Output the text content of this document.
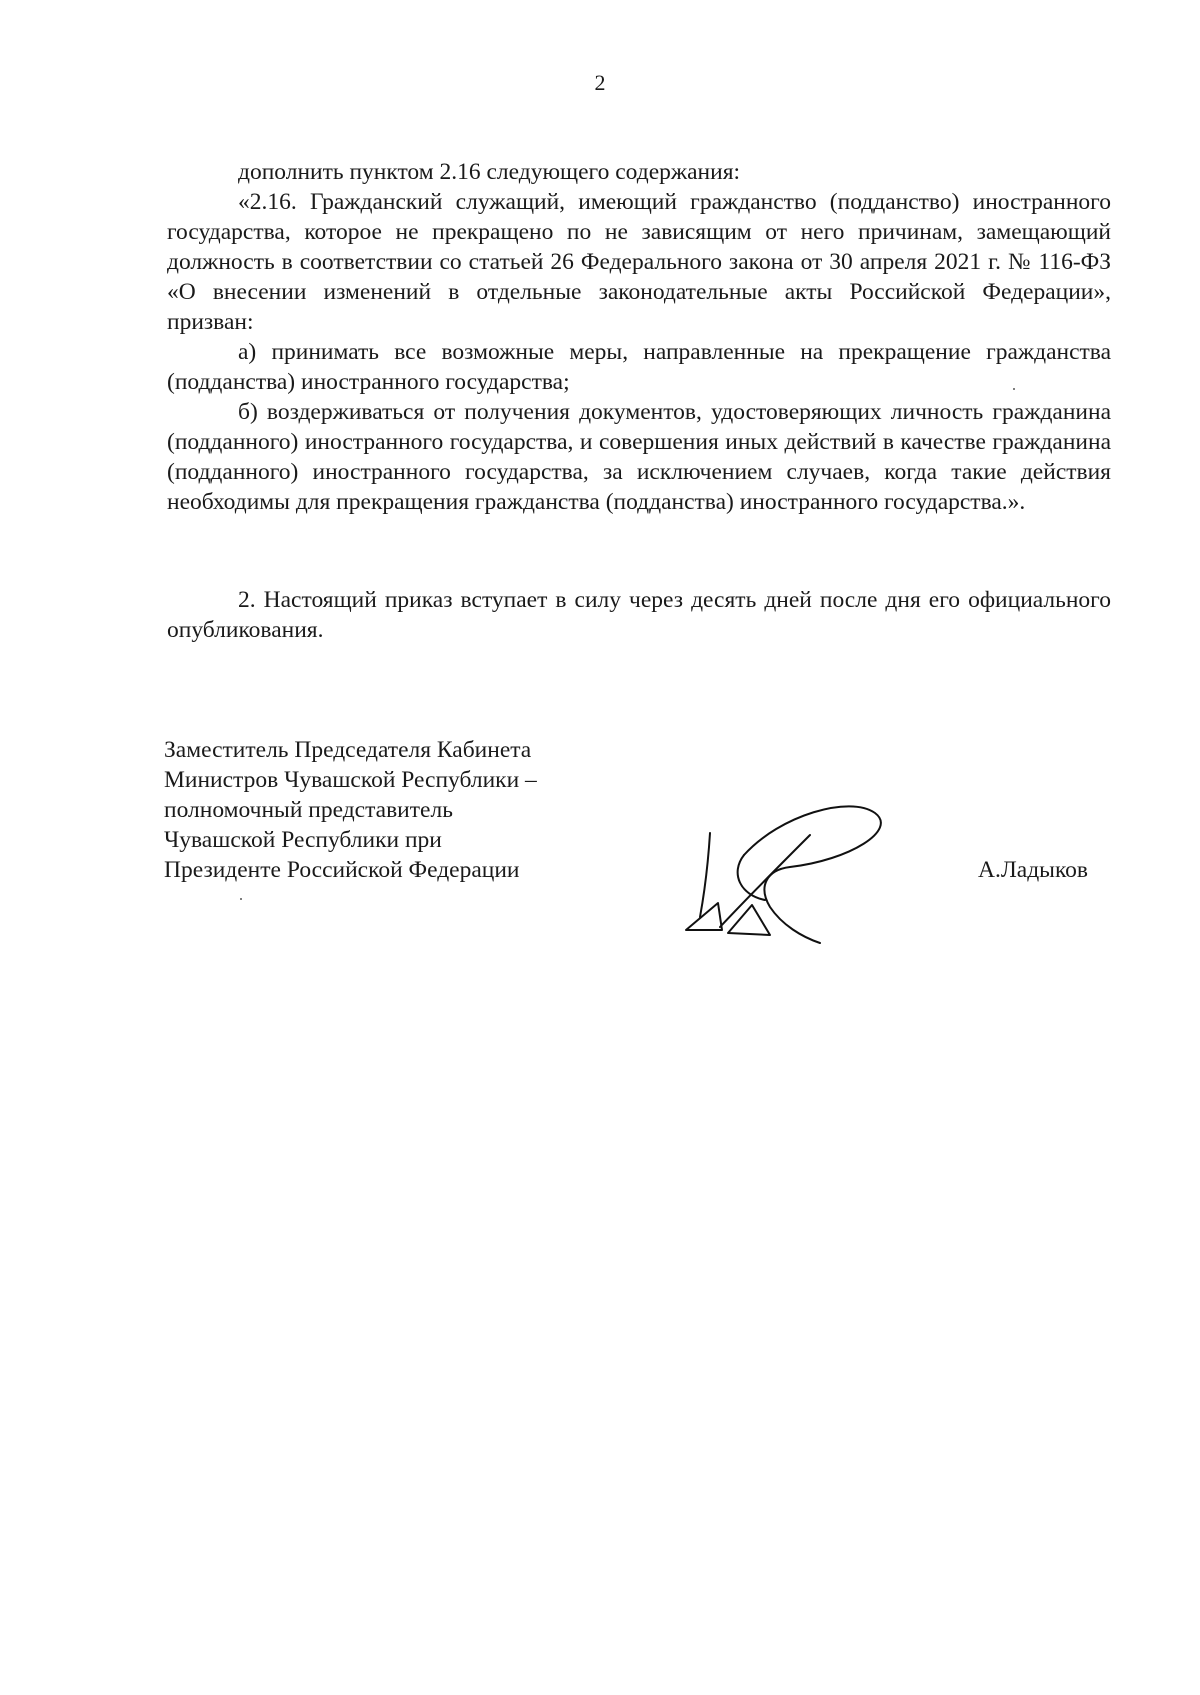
2

дополнить пунктом 2.16 следующего содержания:

«2.16. Гражданский служащий, имеющий гражданство (подданство) иностранного государства, которое не прекращено по не зависящим от него причинам, замещающий должность в соответствии со статьей 26 Федерального закона от 30 апреля 2021 г. № 116-ФЗ «О внесении изменений в отдельные законодательные акты Российской Федерации», призван:

а) принимать все возможные меры, направленные на прекращение гражданства (подданства) иностранного государства;

б) воздерживаться от получения документов, удостоверяющих личность гражданина (подданного) иностранного государства, и совершения иных действий в качестве гражданина (подданного) иностранного государства, за исключением случаев, когда такие действия необходимы для прекращения гражданства (подданства) иностранного государства.».

2. Настоящий приказ вступает в силу через десять дней после дня его официального опубликования.

Заместитель Председателя Кабинета
Министров Чувашской Республики –
полномочный представитель
Чувашской Республики при
Президенте Российской Федерации	А.Ладыков
